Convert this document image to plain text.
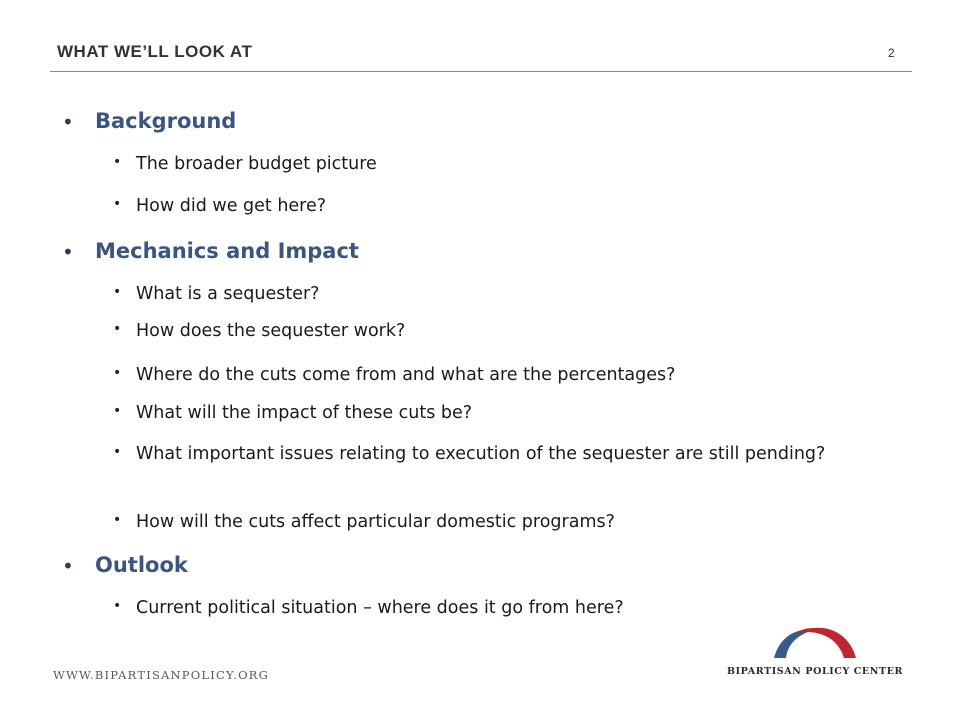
WHAT WE’LL LOOK AT	2
• Background
• The broader budget picture
• How did we get here?
• Mechanics and Impact
• What is a sequester?
• How does the sequester work?
• Where do the cuts come from and what are the percentages?
• What will the impact of these cuts be?
• What important issues relating to execution of the sequester are still pending?
• How will the cuts affect particular domestic programs?
• Outlook
• Current political situation – where does it go from here?
WWW.BIPARTISANPOLICY.ORG	BIPARTISAN POLICY CENTER
